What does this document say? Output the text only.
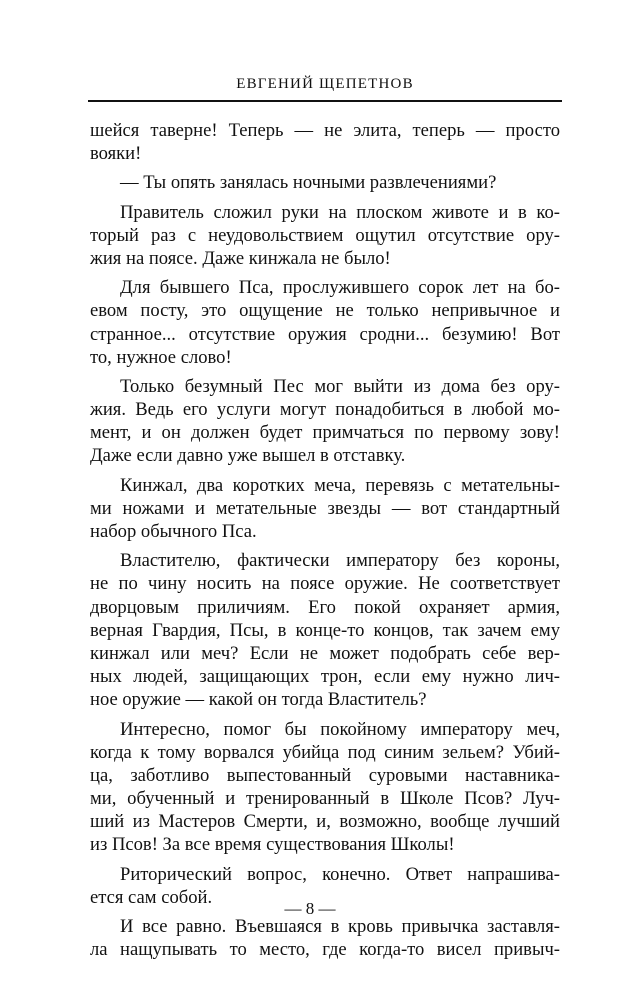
ЕВГЕНИЙ ЩЕПЕТНОВ
шейся таверне! Теперь — не элита, теперь — просто
вояки!
— Ты опять занялась ночными развлечениями?
Правитель сложил руки на плоском животе и в ко-
торый раз с неудовольствием ощутил отсутствие ору-
жия на поясе. Даже кинжала не было!
Для бывшего Пса, прослужившего сорок лет на бо-
евом посту, это ощущение не только непривычное и
странное... отсутствие оружия сродни... безумию! Вот
то, нужное слово!
Только безумный Пес мог выйти из дома без ору-
жия. Ведь его услуги могут понадобиться в любой мо-
мент, и он должен будет примчаться по первому зову!
Даже если давно уже вышел в отставку.
Кинжал, два коротких меча, перевязь с метательны-
ми ножами и метательные звезды — вот стандартный
набор обычного Пса.
Властителю, фактически императору без короны,
не по чину носить на поясе оружие. Не соответствует
дворцовым приличиям. Его покой охраняет армия,
верная Гвардия, Псы, в конце-то концов, так зачем ему
кинжал или меч? Если не может подобрать себе вер-
ных людей, защищающих трон, если ему нужно лич-
ное оружие — какой он тогда Властитель?
Интересно, помог бы покойному императору меч,
когда к тому ворвался убийца под синим зельем? Убий-
ца, заботливо выпестованный суровыми наставника-
ми, обученный и тренированный в Школе Псов? Луч-
ший из Мастеров Смерти, и, возможно, вообще лучший
из Псов! За все время существования Школы!
Риторический вопрос, конечно. Ответ напрашива-
ется сам собой.
И все равно. Въевшаяся в кровь привычка заставля-
ла нащупывать то место, где когда-то висел привыч-
— 8 —
